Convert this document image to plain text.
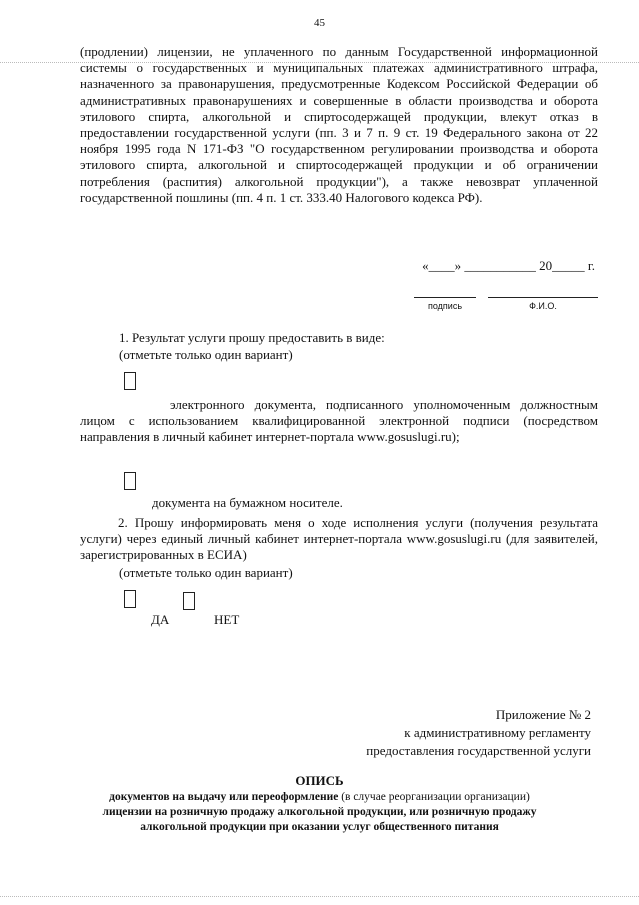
45

(продлении) лицензии, не уплаченного по данным Государственной информационной системы о государственных и муниципальных платежах административного штрафа, назначенного за правонарушения, предусмотренные Кодексом Российской Федерации об административных правонарушениях и совершенные в области производства и оборота этилового спирта, алкогольной и спиртосодержащей продукции, влекут отказ в предоставлении государственной услуги (пп. 3 и 7 п. 9 ст. 19 Федерального закона от 22 ноября 1995 года N 171-ФЗ "О государственном регулировании производства и оборота этилового спирта, алкогольной и спиртосодержащей продукции и об ограничении потребления (распития) алкогольной продукции"), а также невозврат уплаченной государственной пошлины (пп. 4 п. 1 ст. 333.40 Налогового кодекса РФ).

«____» ___________ 20_____ г.
подпись	Ф.И.О.
1. Результат услуги прошу предоставить в виде:
(отметьте только один вариант)

электронного документа, подписанного уполномоченным должностным лицом с использованием квалифицированной электронной подписи (посредством направления в личный кабинет интернет-портала www.gosuslugi.ru);

документа на бумажном носителе.

2. Прошу информировать меня о ходе исполнения услуги (получения результата услуги) через единый личный кабинет интернет-портала www.gosuslugi.ru (для заявителей, зарегистрированных в ЕСИА)

(отметьте только один вариант)
ДА	НЕТ
Приложение № 2
к административному регламенту
предоставления государственной услуги
ОПИСЬ
документов на выдачу или переоформление (в случае реорганизации организации)
лицензии на розничную продажу алкогольной продукции, или розничную продажу
алкогольной продукции при оказании услуг общественного питания
